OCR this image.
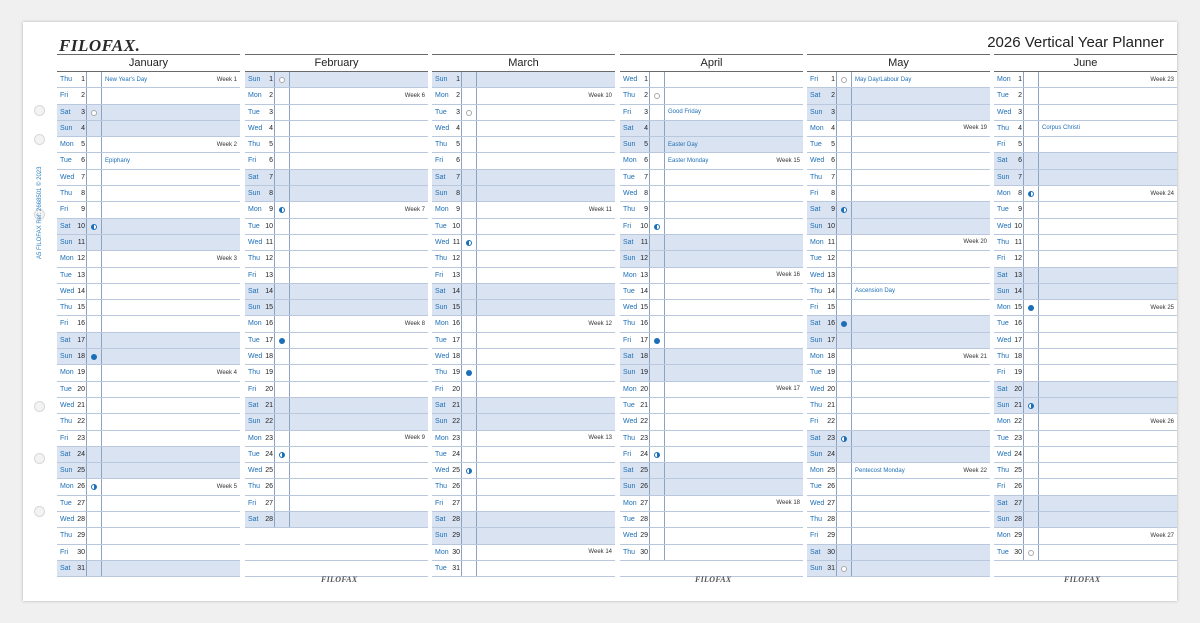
FILOFAX.	2026 Vertical Year Planner
A5 FILOFAX Ref: 2668501 © 2023
January
Thu	1	New Year's Day	Week 1
Fri	2
Sat	3
Sun	4
Mon	5	Week 2
Tue	6	Epiphany
Wed 7
Thu	8
Fri	9
Sat 10
Sun 11
Mon 12	Week 3
Tue 13
Wed 14
Thu 15
Fri	16
Sat 17
Sun 18
Mon 19	Week 4
Tue 20
Wed 21
Thu 22
Fri	23
Sat 24
Sun 25
Mon 26	Week 5
Tue 27
Wed 28
Thu 29
Fri	30
Sat 31
February
Sun	1
Mon	2	Week 6
Tue	3
Wed 4
Thu	5
Fri	6
Sat	7
Sun	8
Mon	9	Week 7
Tue 10
Wed 11
Thu 12
Fri	13
Sat 14
Sun 15
Mon 16	Week 8
Tue 17
Wed 18
Thu 19
Fri	20
Sat 21
Sun 22
Mon 23	Week 9
Tue 24
Wed 25
Thu 26
Fri	27
Sat 28
March
Sun	1
Mon	2	Week 10
Tue	3
Wed 4
Thu	5
Fri	6
Sat	7
Sun	8
Mon	9	Week 11
Tue 10
Wed 11
Thu 12
Fri	13
Sat 14
Sun 15
Mon 16	Week 12
Tue 17
Wed 18
Thu 19
Fri	20
Sat 21
Sun 22
Mon 23	Week 13
Tue 24
Wed 25
Thu 26
Fri	27
Sat 28
Sun 29
Mon 30	Week 14
Tue 31
April
Wed 1
Thu	2
Fri	3	Good Friday
Sat	4
Sun	5	Easter Day
Mon	6	Easter Monday	Week 15
Tue	7
Wed 8
Thu	9
Fri	10
Sat	11
Sun 12
Mon 13	Week 16
Tue 14
Wed 15
Thu 16
Fri	17
Sat 18
Sun 19
Mon 20	Week 17
Tue 21
Wed 22
Thu 23
Fri	24
Sat 25
Sun 26
Mon 27	Week 18
Tue 28
Wed 29
Thu 30
May
Fri	1	May Day/Labour Day
Sat	2
Sun	3
Mon	4	Week 19
Tue	5
Wed 6
Thu	7
Fri	8
Sat	9
Sun 10
Mon 11	Week 20
Tue 12
Wed 13
Thu 14	Ascension Day
Fri	15
Sat 16
Sun 17
Mon 18	Week 21
Tue 19
Wed 20
Thu 21
Fri	22
Sat 23
Sun 24
Mon 25	Pentecost Monday	Week 22
Tue 26
Wed 27
Thu 28
Fri	29
Sat 30
Sun 31
June
Mon	1	Week 23
Tue	2
Wed 3
Thu	4	Corpus Christi
Fri	5
Sat	6
Sun	7
Mon	8	Week 24
Tue	9
Wed 10
Thu 11
Fri	12
Sat 13
Sun 14
Mon 15	Week 25
Tue 16
Wed 17
Thu 18
Fri	19
Sat 20
Sun 21
Mon 22	Week 26
Tue 23
Wed 24
Thu 25
Fri	26
Sat 27
Sun 28
Mon 29	Week 27
Tue 30
FILOFAX	FILOFAX	FILOFAX
